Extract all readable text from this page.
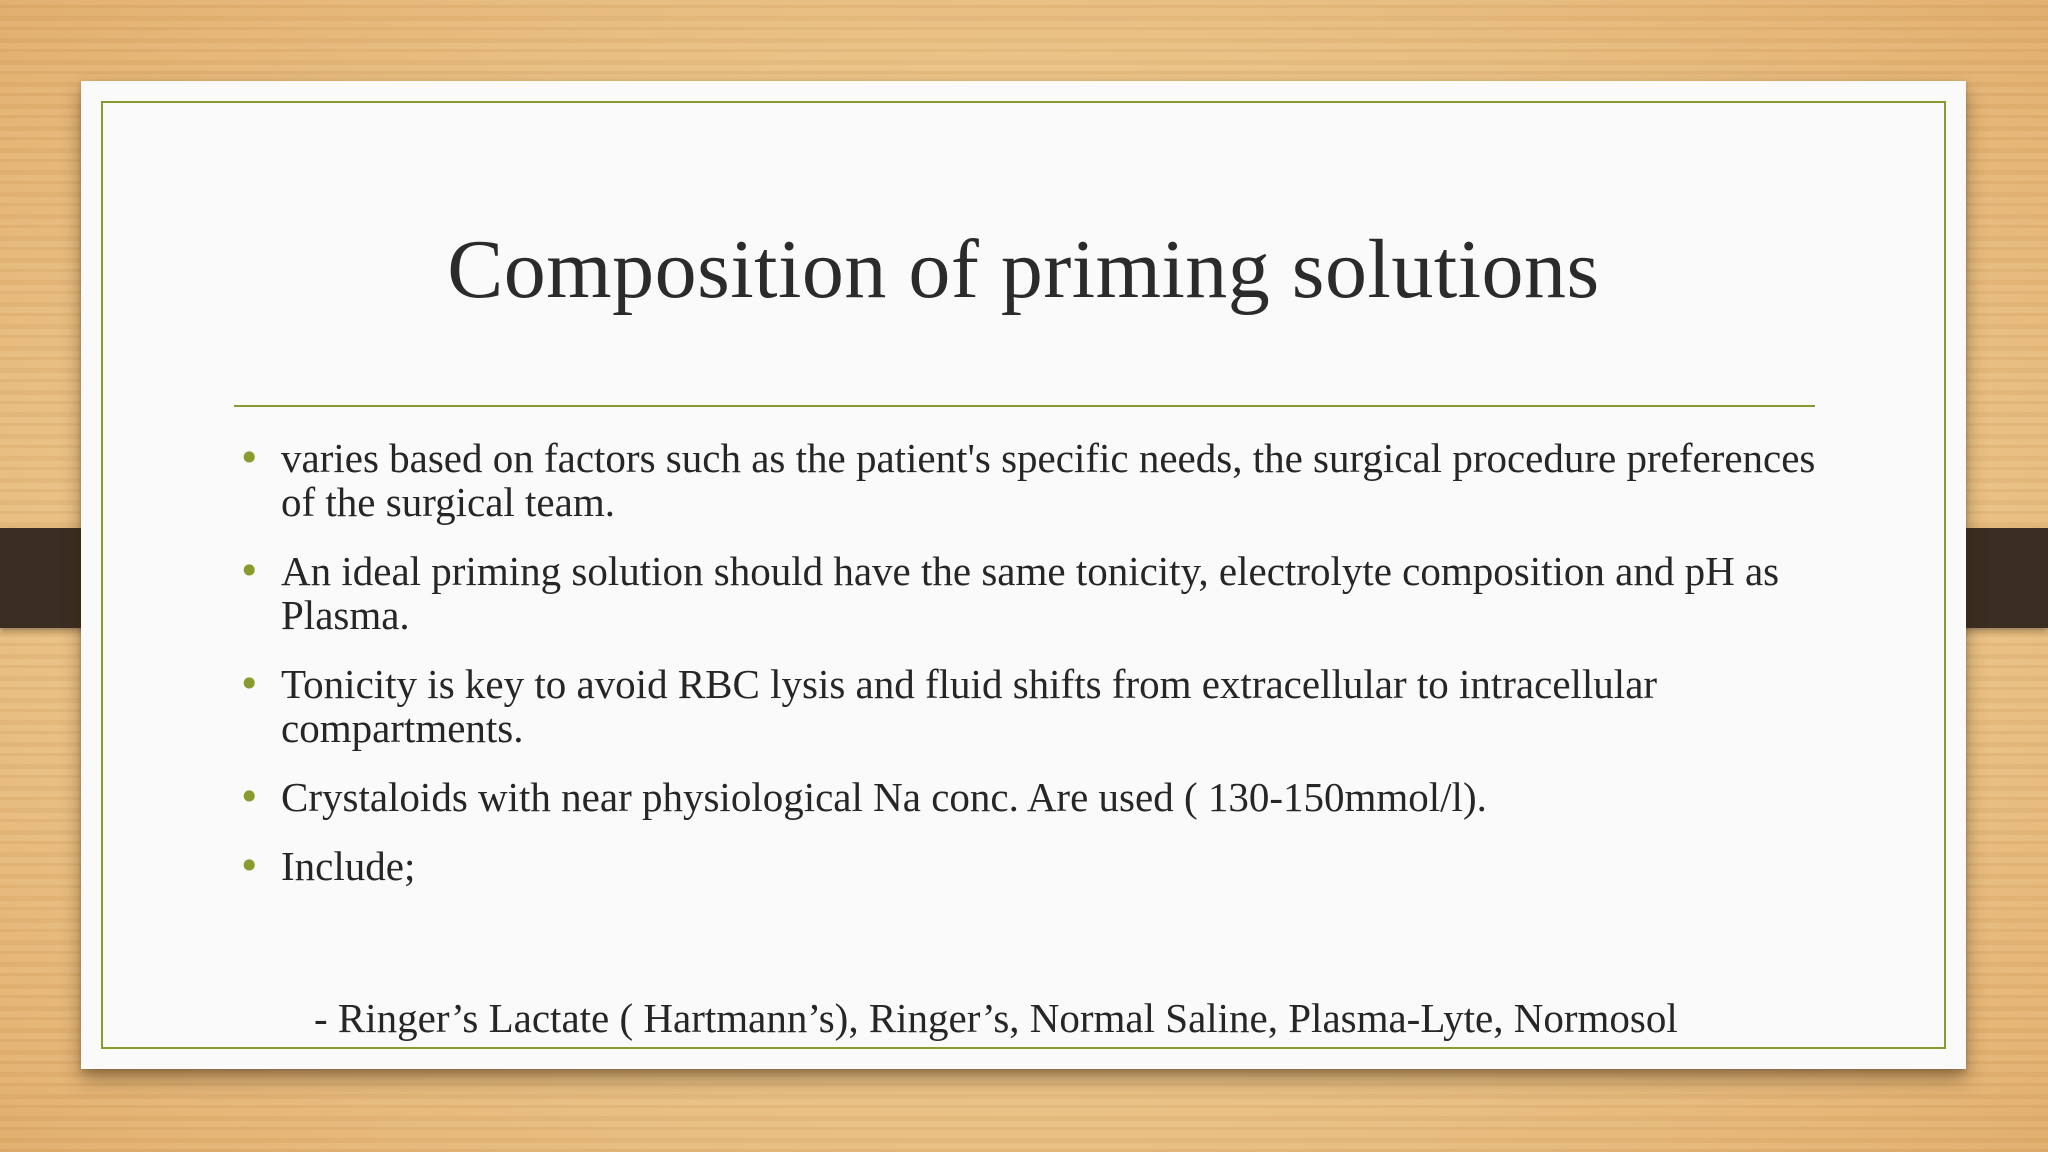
Composition of priming solutions
• varies based on factors such as the patient's specific needs, the surgical procedure preferences of the surgical team.
• An ideal priming solution should have the same tonicity, electrolyte composition and pH as Plasma.
• Tonicity is key to avoid RBC lysis and fluid shifts from extracellular to intracellular compartments.
• Crystaloids with near physiological Na conc. Are used ( 130-150mmol/l).
• Include;
- Ringer’s Lactate ( Hartmann’s), Ringer’s, Normal Saline, Plasma-Lyte, Normosol
